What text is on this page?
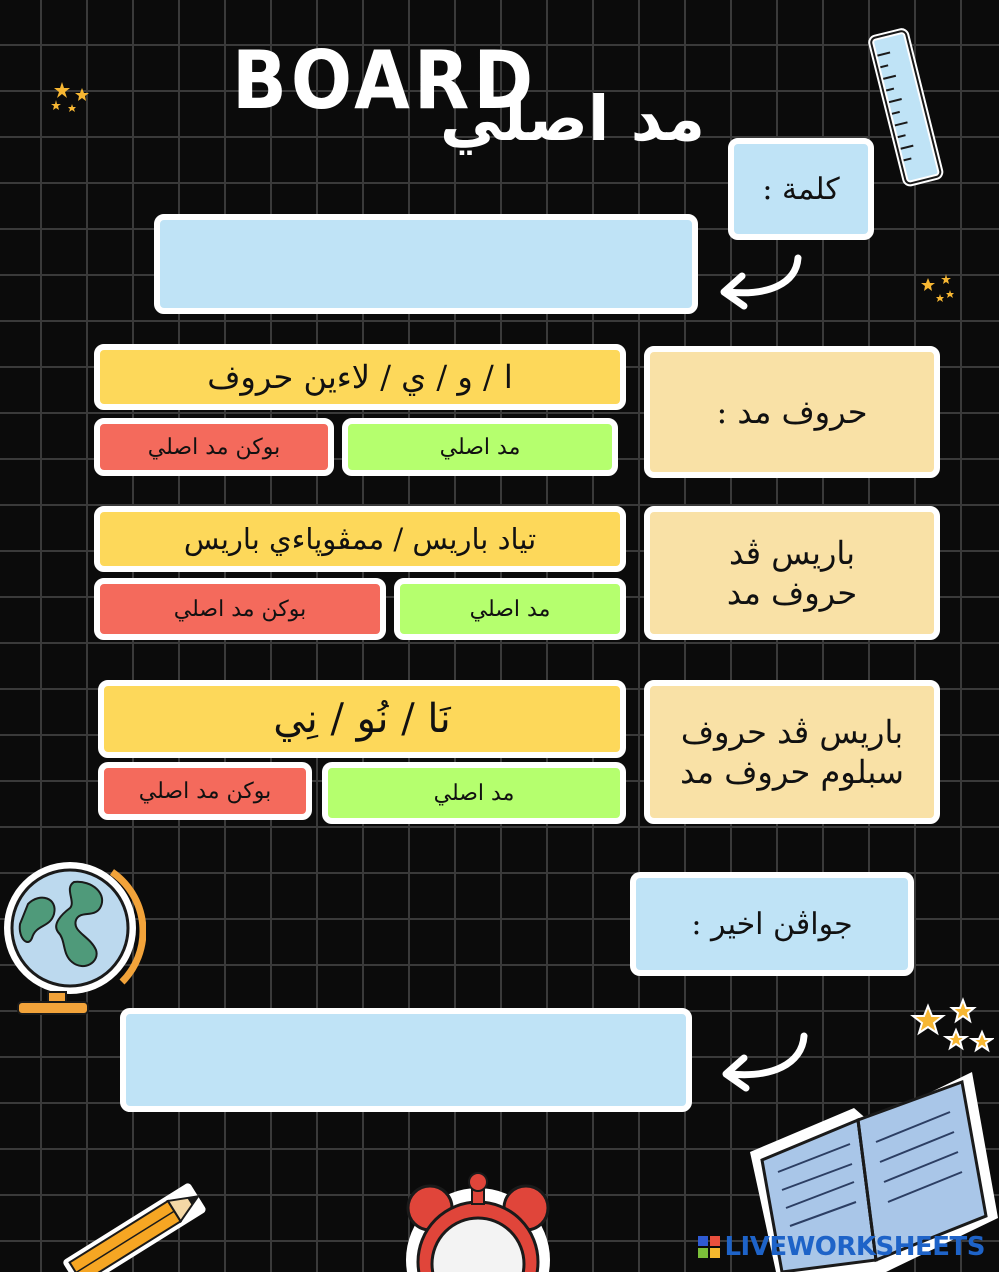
BOARD
مد اصلي
كلمة :
حروف مد :
ا / و / ي / لاءين حروف
مد اصلي
بوكن مد اصلي
باريس ڤد
حروف مد
تياد باريس / ممڤوڽاءي باريس
مد اصلي
بوكن مد اصلي
باريس ڤد حروف
سبلوم حروف مد
نَا / نُو / نِي
مد اصلي
بوكن مد اصلي
جواڤن اخير :
LIVEWORKSHEETS
